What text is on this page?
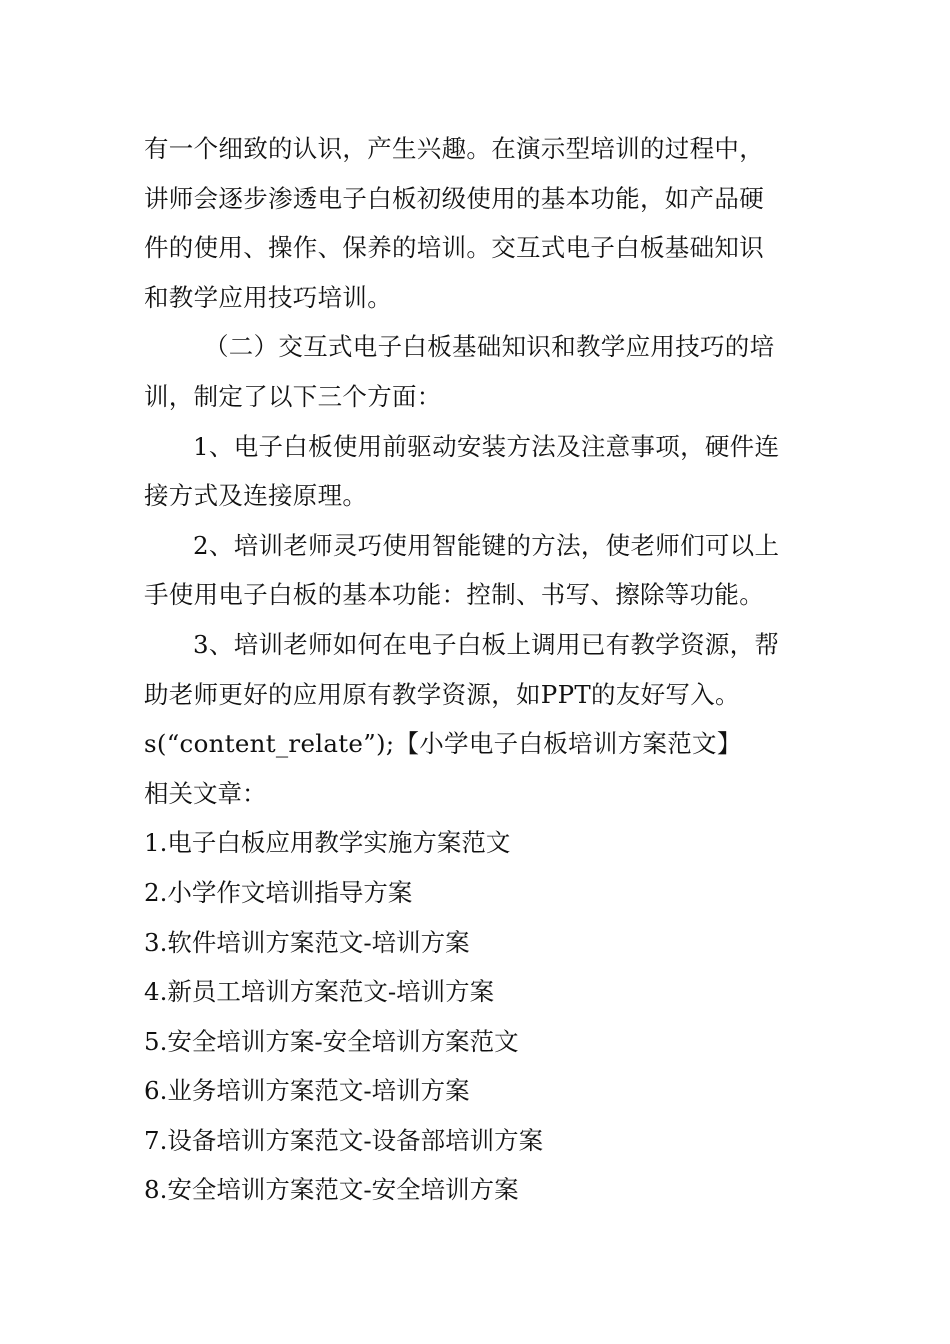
有一个细致的认识，产生兴趣。在演示型培训的过程中，
讲师会逐步渗透电子白板初级使用的基本功能，如产品硬
件的使用、操作、保养的培训。交互式电子白板基础知识
和教学应用技巧培训。

（二）交互式电子白板基础知识和教学应用技巧的培
训，制定了以下三个方面：

1、电子白板使用前驱动安装方法及注意事项，硬件连
接方式及连接原理。

2、培训老师灵巧使用智能键的方法，使老师们可以上
手使用电子白板的基本功能：控制、书写、擦除等功能。

3、培训老师如何在电子白板上调用已有教学资源，帮
助老师更好的应用原有教学资源，如PPT的友好写入。

s(“content_relate”);【小学电子白板培训方案范文】

相关文章：

1.电子白板应用教学实施方案范文
2.小学作文培训指导方案
3.软件培训方案范文-培训方案
4.新员工培训方案范文-培训方案
5.安全培训方案-安全培训方案范文
6.业务培训方案范文-培训方案
7.设备培训方案范文-设备部培训方案
8.安全培训方案范文-安全培训方案
